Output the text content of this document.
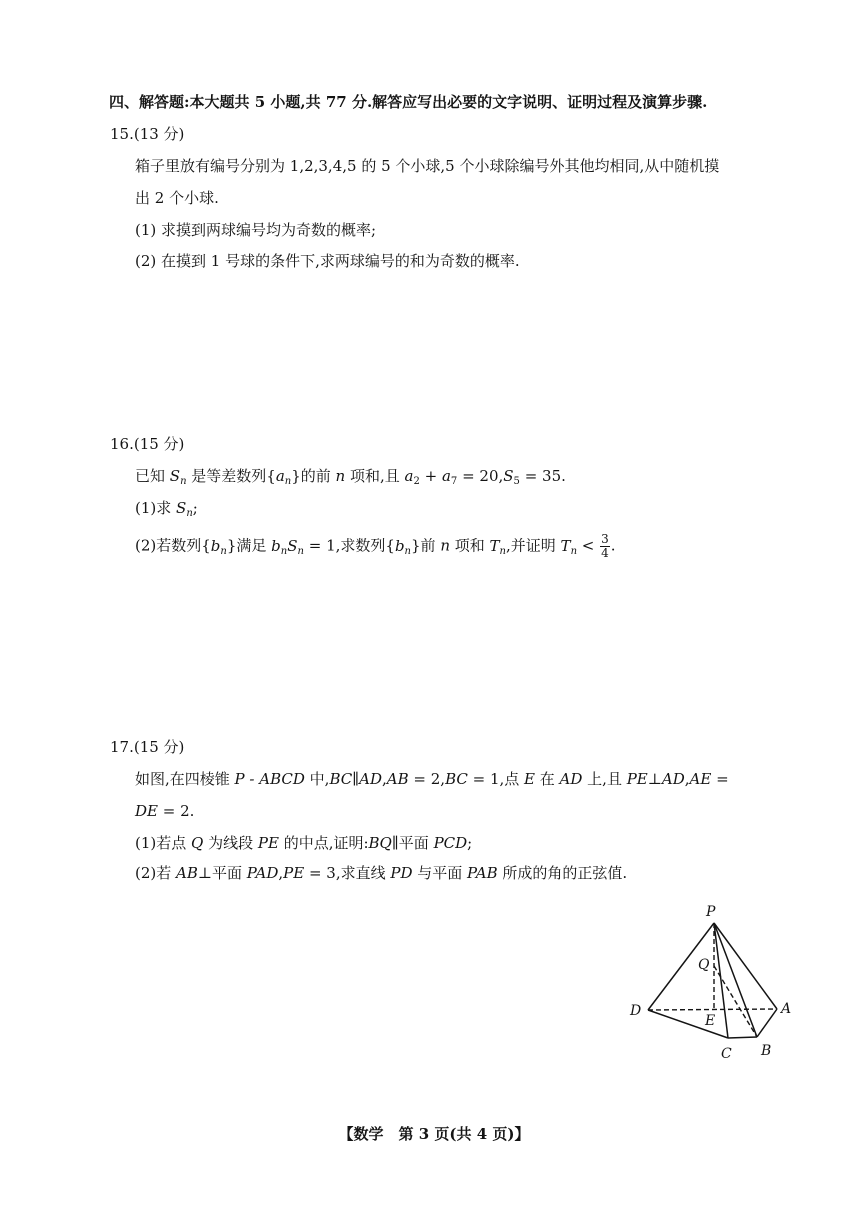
四、解答题:本大题共 5 小题,共 77 分.解答应写出必要的文字说明、证明过程及演算步骤.
15.(13 分)
箱子里放有编号分别为 1,2,3,4,5 的 5 个小球,5 个小球除编号外其他均相同,从中随机摸
出 2 个小球.
(1) 求摸到两球编号均为奇数的概率;
(2) 在摸到 1 号球的条件下,求两球编号的和为奇数的概率.
16.(15 分)
已知 $S_n$ 是等差数列$\{a_n\}$的前 n 项和,且 $a_2 + a_7 = 20,S_5 = 35$.
(1)求 $S_n$;
(2)若数列$\{b_n\}$满足 $b_nS_n = 1$,求数列$\{b_n\}$前 n 项和 $T_n$,并证明 $T_n < \frac{3}{4}$ .
17.(15 分)
如图,在四棱锥 P - ABCD 中,BC∥AD,AB = 2,BC = 1,点 E 在 AD 上,且 PE⊥AD,AE =
DE = 2.
(1)若点 Q 为线段 PE 的中点,证明:BQ∥平面 PCD;
(2)若 AB⊥平面 PAD,PE = 3,求直线 PD 与平面 PAB 所成的角的正弦值.
P
Q
D
E
A
C B
【数学　第 3 页(共 4 页)】
